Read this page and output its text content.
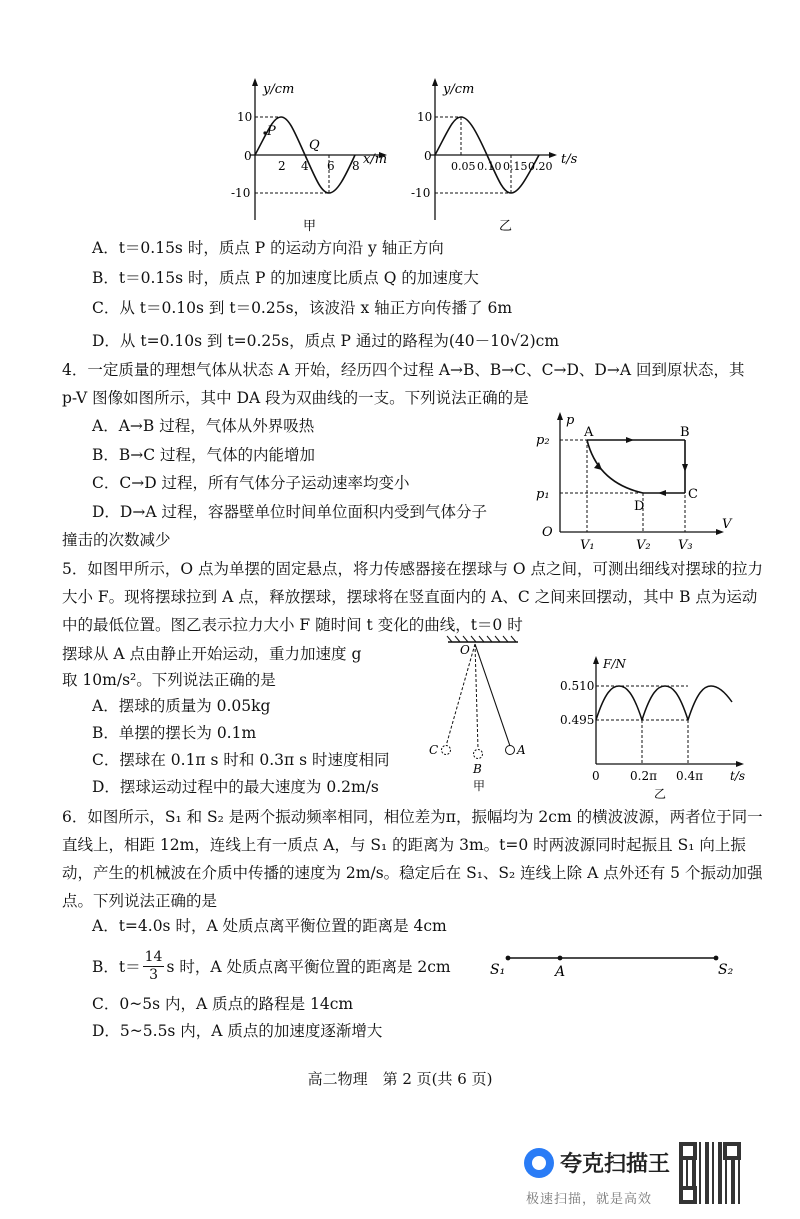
y/cm
10
0
-10
2 4 6 8 x/m
P
Q
甲
y/cm
10
0
-10
0.05 0.10 0.15 0.20 t/s
乙
A．t＝0.15s 时，质点 P 的运动方向沿 y 轴正方向
B．t＝0.15s 时，质点 P 的加速度比质点 Q 的加速度大
C．从 t＝0.10s 到 t＝0.25s，该波沿 x 轴正方向传播了 6m
D．从 t=0.10s 到 t=0.25s，质点 P 通过的路程为(40－10√2)cm
4．一定质量的理想气体从状态 A 开始，经历四个过程 A→B、B→C、C→D、D→A 回到原状态，其 p-V 图像如图所示，其中 DA 段为双曲线的一支。下列说法正确的是
A．A→B 过程，气体从外界吸热
B．B→C 过程，气体的内能增加
C．C→D 过程，所有气体分子运动速率均变小
D．D→A 过程，容器壁单位时间单位面积内受到气体分子
撞击的次数减少
p
V
O
p₂
p₁
A	B
C
D
V₁	V₂ V₃
5．如图甲所示，O 点为单摆的固定悬点，将力传感器接在摆球与 O 点之间，可测出细线对摆球的拉力大小 F。现将摆球拉到 A 点，释放摆球，摆球将在竖直面内的 A、C 之间来回摆动，其中 B 点为运动中的最低位置。图乙表示拉力大小 F 随时间 t 变化的曲线，t＝0 时
摆球从 A 点由静止开始运动，重力加速度 g
取 10m/s²。下列说法正确的是
A．摆球的质量为 0.05kg
B．单摆的摆长为 0.1m
C．摆球在 0.1π s 时和 0.3π s 时速度相同
D．摆球运动过程中的最大速度为 0.2m/s
O
A
C
B
甲
F/N
t/s
0.510
0.495
0	0.2π 0.4π
乙
6．如图所示，S₁ 和 S₂ 是两个振动频率相同，相位差为π，振幅均为 2cm 的横波波源，两者位于同一直线上，相距 12m，连线上有一质点 A，与 S₁ 的距离为 3m。t=0 时两波源同时起振且 S₁ 向上振动，产生的机械波在介质中传播的速度为 2m/s。稳定后在 S₁、S₂ 连线上除 A 点外还有 5 个振动加强点。下列说法正确的是
A．t=4.0s 时，A 处质点离平衡位置的距离是 4cm
B．$t= \frac{14}{3}$ s 时，A 处质点离平衡位置的距离是 2cm
C．0~5s 内，A 质点的路程是 14cm
D．5~5.5s 内，A 质点的加速度逐渐增大
S₁	A	S₂
高二物理　第 2 页(共 6 页)
夸克扫描王
极速扫描，就是高效
